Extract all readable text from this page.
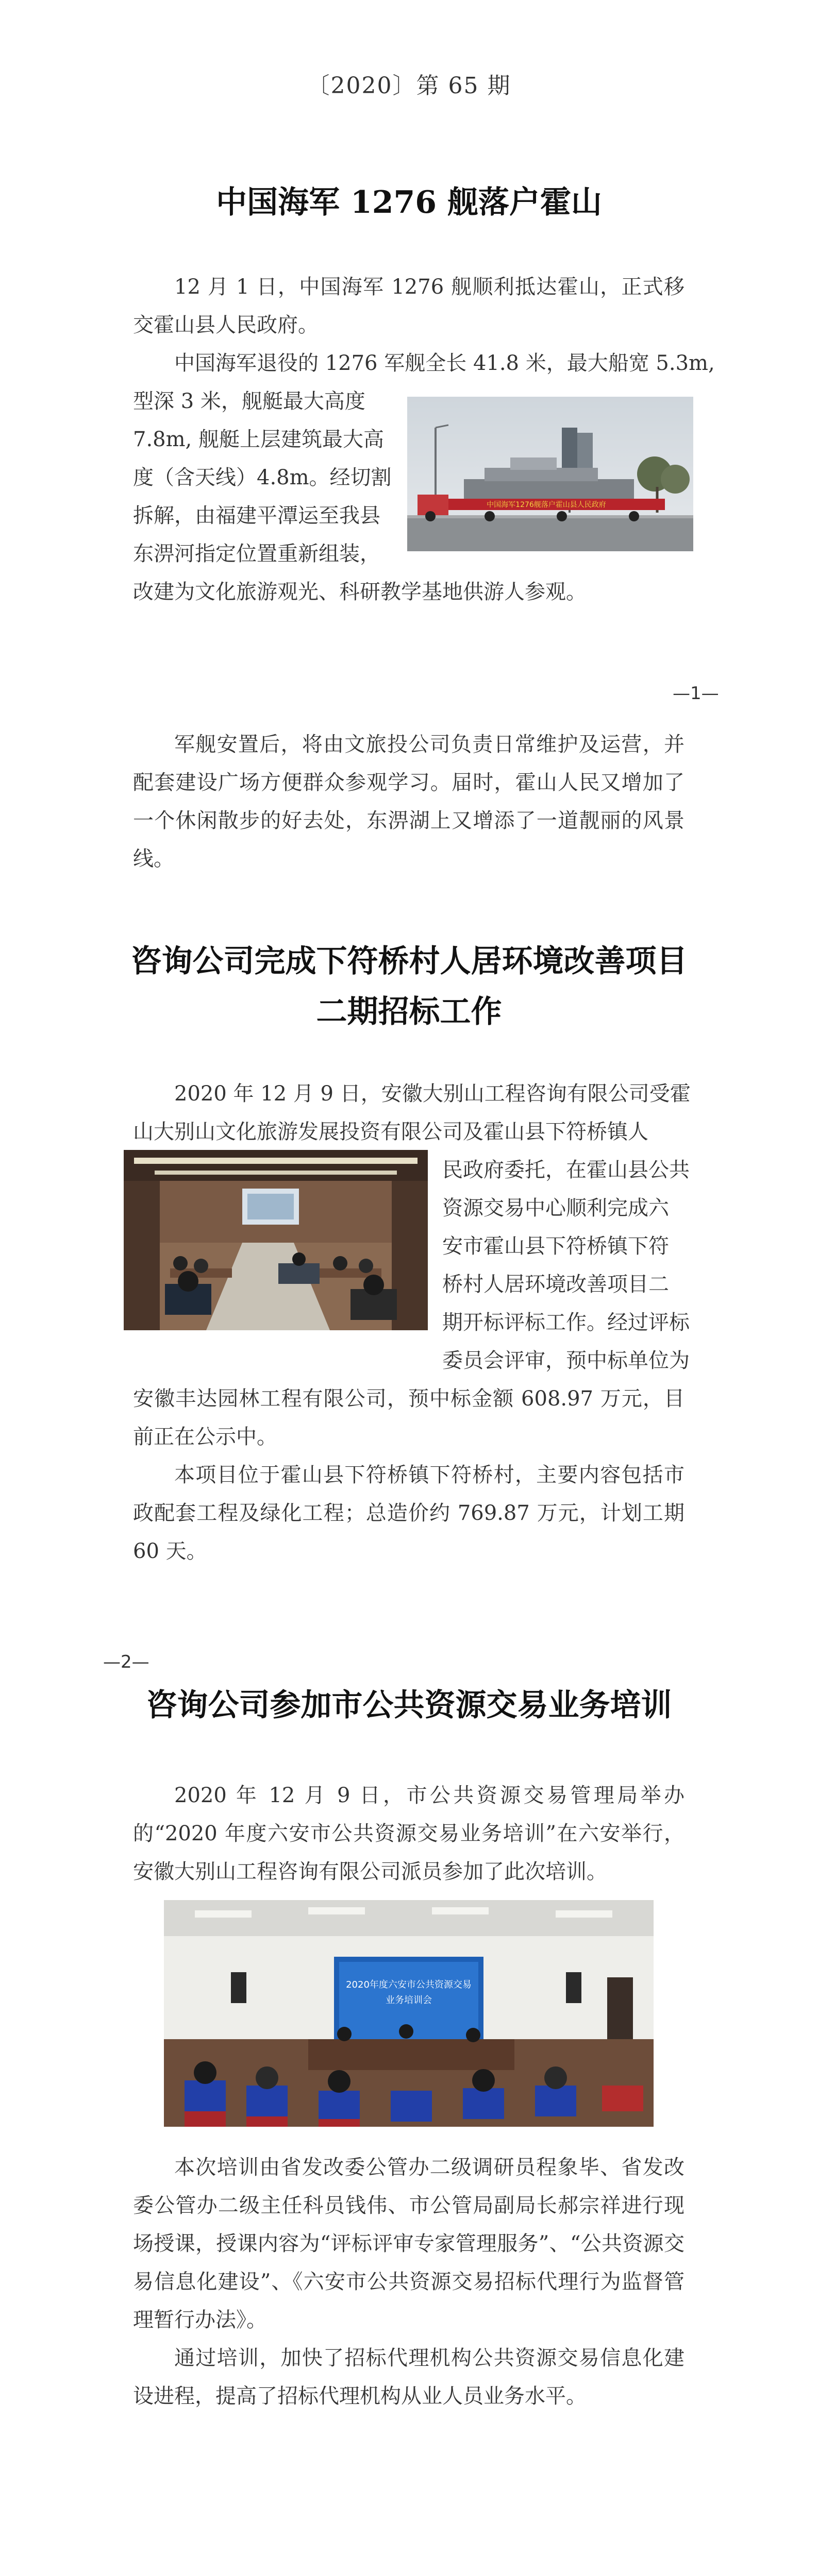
〔2020〕第 65 期
中国海军 1276 舰落户霍山

12 月 1 日，中国海军 1276 舰顺利抵达霍山，正式移交霍山县人民政府。

中国海军退役的 1276 军舰全长 41.8 米，最大船宽 5.3m,

型深 3 米，舰艇最大高度

7.8m, 舰艇上层建筑最大高

度（含天线）4.8m。经切割

拆解，由福建平潭运至我县

东淠河指定位置重新组装，

改建为文化旅游观光、科研教学基地供游人参观。

中国海军1276舰落户霍山县人民政府
—1—

军舰安置后，将由文旅投公司负责日常维护及运营，并配套建设广场方便群众参观学习。届时，霍山人民又增加了一个休闲散步的好去处，东淠湖上又增添了一道靓丽的风景线。

咨询公司完成下符桥村人居环境改善项目
二期招标工作

2020 年 12 月 9 日，安徽大别山工程咨询有限公司受霍

山大别山文化旅游发展投资有限公司及霍山县下符桥镇人

民政府委托，在霍山县公共

资源交易中心顺利完成六

安市霍山县下符桥镇下符

桥村人居环境改善项目二

期开标评标工作。经过评标

委员会评审，预中标单位为

安徽丰达园林工程有限公司，预中标金额 608.97 万元，目前正在公示中。

本项目位于霍山县下符桥镇下符桥村，主要内容包括市政配套工程及绿化工程；总造价约 769.87 万元，计划工期 60 天。

—2—
咨询公司参加市公共资源交易业务培训

2020 年 12 月 9 日，市公共资源交易管理局举办的“2020 年度六安市公共资源交易业务培训”在六安举行，安徽大别山工程咨询有限公司派员参加了此次培训。

2020年度六安市公共资源交易
业务培训会

本次培训由省发改委公管办二级调研员程象毕、省发改委公管办二级主任科员钱伟、市公管局副局长郝宗祥进行现场授课，授课内容为“评标评审专家管理服务”、“公共资源交易信息化建设”、《六安市公共资源交易招标代理行为监督管理暂行办法》。

通过培训，加快了招标代理机构公共资源交易信息化建设进程，提高了招标代理机构从业人员业务水平。
